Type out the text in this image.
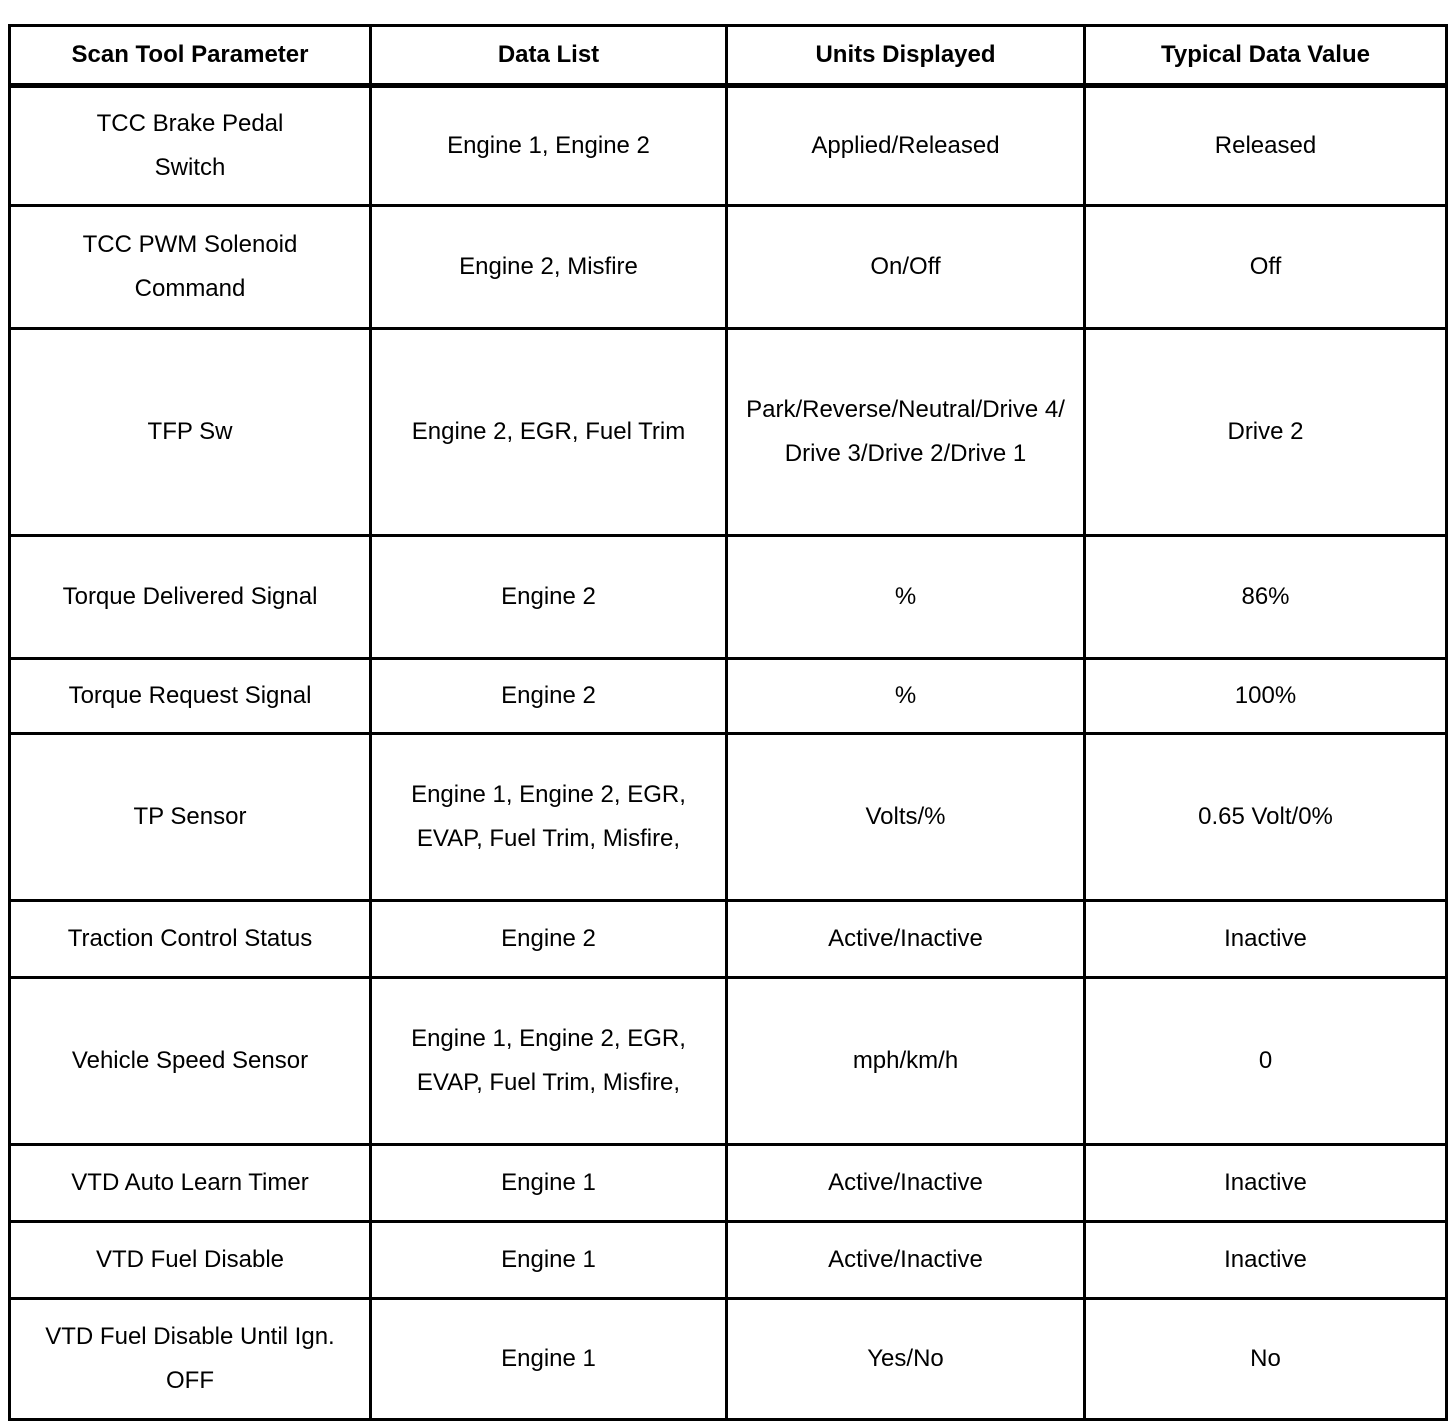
Scan Tool Parameter	Data List	Units Displayed	Typical Data Value
TCC Brake Pedal Switch	Engine 1, Engine 2	Applied/Released	Released
TCC PWM Solenoid Command	Engine 2, Misfire	On/Off	Off
TFP Sw	Engine 2, EGR, Fuel Trim	Park/Reverse/Neutral/Drive 4/Drive 3/Drive 2/Drive 1	Drive 2
Torque Delivered Signal	Engine 2	%	86%
Torque Request Signal	Engine 2	%	100%
TP Sensor	Engine 1, Engine 2, EGR, EVAP, Fuel Trim, Misfire,	Volts/%	0.65 Volt/0%
Traction Control Status	Engine 2	Active/Inactive	Inactive
Vehicle Speed Sensor	Engine 1, Engine 2, EGR, EVAP, Fuel Trim, Misfire,	mph/km/h	0
VTD Auto Learn Timer	Engine 1	Active/Inactive	Inactive
VTD Fuel Disable	Engine 1	Active/Inactive	Inactive
VTD Fuel Disable Until Ign. OFF	Engine 1	Yes/No	No
